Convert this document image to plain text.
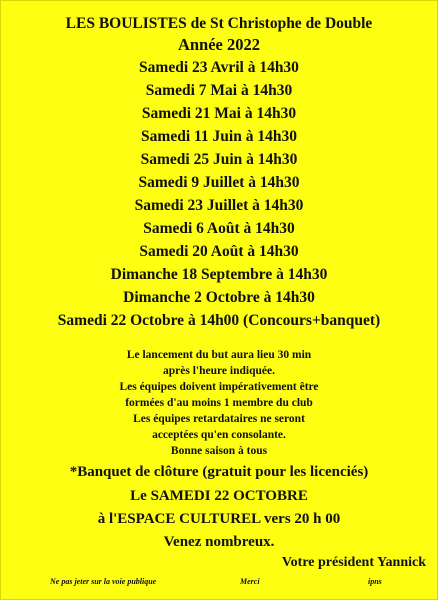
LES BOULISTES de St Christophe de Double
Année 2022
Samedi 23 Avril à 14h30
Samedi 7 Mai à 14h30
Samedi 21 Mai à 14h30
Samedi 11 Juin à 14h30
Samedi 25 Juin à 14h30
Samedi 9 Juillet à 14h30
Samedi 23 Juillet à 14h30
Samedi 6 Août à 14h30
Samedi 20 Août à 14h30
Dimanche 18 Septembre à 14h30
Dimanche 2 Octobre à 14h30
Samedi 22 Octobre à 14h00 (Concours+banquet)
Le lancement du but aura lieu 30 min
après l'heure indiquée.
Les équipes doivent impérativement être
formées d'au moins 1 membre du club
Les équipes retardataires ne seront
acceptées qu'en consolante.
Bonne saison à tous
*Banquet de clôture (gratuit pour les licenciés)
Le SAMEDI 22 OCTOBRE
à l'ESPACE CULTUREL vers 20 h 00
Venez nombreux.
Votre président Yannick
Ne pas jeter sur la voie publique	Merci	ipns
